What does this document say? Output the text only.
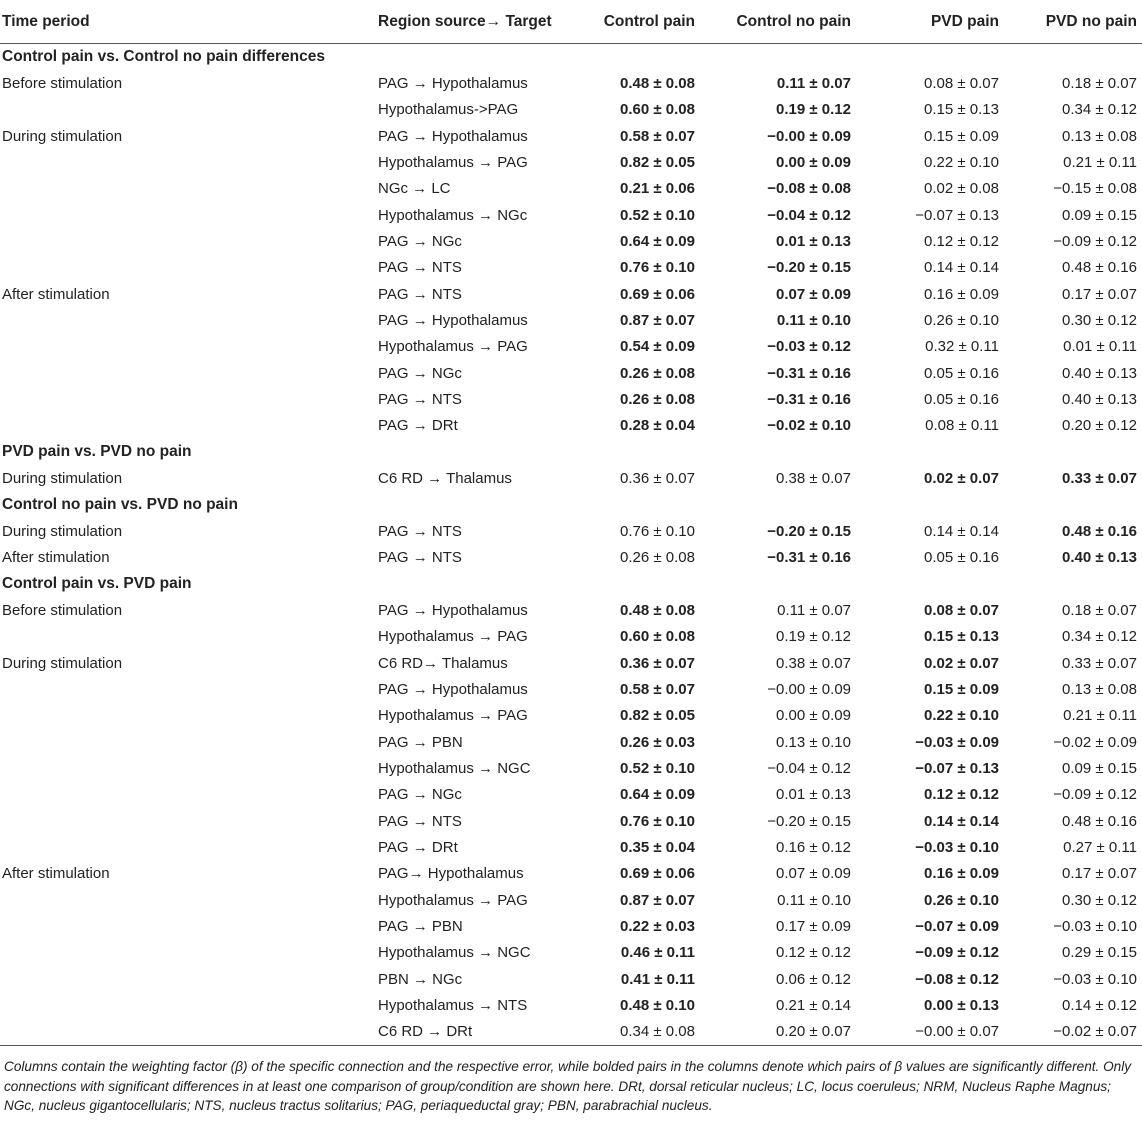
Time period	Region source→ Target	Control pain	Control no pain	PVD pain	PVD no pain
Control pain vs. Control no pain differences					
Before stimulation	PAG → Hypothalamus	0.48 ± 0.08	0.11 ± 0.07	0.08 ± 0.07	0.18 ± 0.07
	Hypothalamus->PAG	0.60 ± 0.08	0.19 ± 0.12	0.15 ± 0.13	0.34 ± 0.12
During stimulation	PAG → Hypothalamus	0.58 ± 0.07	−0.00 ± 0.09	0.15 ± 0.09	0.13 ± 0.08
	Hypothalamus → PAG	0.82 ± 0.05	0.00 ± 0.09	0.22 ± 0.10	0.21 ± 0.11
	NGc → LC	0.21 ± 0.06	−0.08 ± 0.08	0.02 ± 0.08	−0.15 ± 0.08
	Hypothalamus → NGc	0.52 ± 0.10	−0.04 ± 0.12	−0.07 ± 0.13	0.09 ± 0.15
	PAG → NGc	0.64 ± 0.09	0.01 ± 0.13	0.12 ± 0.12	−0.09 ± 0.12
	PAG → NTS	0.76 ± 0.10	−0.20 ± 0.15	0.14 ± 0.14	0.48 ± 0.16
After stimulation	PAG → NTS	0.69 ± 0.06	0.07 ± 0.09	0.16 ± 0.09	0.17 ± 0.07
	PAG → Hypothalamus	0.87 ± 0.07	0.11 ± 0.10	0.26 ± 0.10	0.30 ± 0.12
	Hypothalamus → PAG	0.54 ± 0.09	−0.03 ± 0.12	0.32 ± 0.11	0.01 ± 0.11
	PAG → NGc	0.26 ± 0.08	−0.31 ± 0.16	0.05 ± 0.16	0.40 ± 0.13
	PAG → NTS	0.26 ± 0.08	−0.31 ± 0.16	0.05 ± 0.16	0.40 ± 0.13
	PAG → DRt	0.28 ± 0.04	−0.02 ± 0.10	0.08 ± 0.11	0.20 ± 0.12
PVD pain vs. PVD no pain					
During stimulation	C6 RD → Thalamus	0.36 ± 0.07	0.38 ± 0.07	0.02 ± 0.07	0.33 ± 0.07
Control no pain vs. PVD no pain					
During stimulation	PAG → NTS	0.76 ± 0.10	−0.20 ± 0.15	0.14 ± 0.14	0.48 ± 0.16
After stimulation	PAG → NTS	0.26 ± 0.08	−0.31 ± 0.16	0.05 ± 0.16	0.40 ± 0.13
Control pain vs. PVD pain					
Before stimulation	PAG → Hypothalamus	0.48 ± 0.08	0.11 ± 0.07	0.08 ± 0.07	0.18 ± 0.07
	Hypothalamus → PAG	0.60 ± 0.08	0.19 ± 0.12	0.15 ± 0.13	0.34 ± 0.12
During stimulation	C6 RD→ Thalamus	0.36 ± 0.07	0.38 ± 0.07	0.02 ± 0.07	0.33 ± 0.07
	PAG → Hypothalamus	0.58 ± 0.07	−0.00 ± 0.09	0.15 ± 0.09	0.13 ± 0.08
	Hypothalamus → PAG	0.82 ± 0.05	0.00 ± 0.09	0.22 ± 0.10	0.21 ± 0.11
	PAG → PBN	0.26 ± 0.03	0.13 ± 0.10	−0.03 ± 0.09	−0.02 ± 0.09
	Hypothalamus → NGC	0.52 ± 0.10	−0.04 ± 0.12	−0.07 ± 0.13	0.09 ± 0.15
	PAG → NGc	0.64 ± 0.09	0.01 ± 0.13	0.12 ± 0.12	−0.09 ± 0.12
	PAG → NTS	0.76 ± 0.10	−0.20 ± 0.15	0.14 ± 0.14	0.48 ± 0.16
	PAG → DRt	0.35 ± 0.04	0.16 ± 0.12	−0.03 ± 0.10	0.27 ± 0.11
After stimulation	PAG→ Hypothalamus	0.69 ± 0.06	0.07 ± 0.09	0.16 ± 0.09	0.17 ± 0.07
	Hypothalamus → PAG	0.87 ± 0.07	0.11 ± 0.10	0.26 ± 0.10	0.30 ± 0.12
	PAG → PBN	0.22 ± 0.03	0.17 ± 0.09	−0.07 ± 0.09	−0.03 ± 0.10
	Hypothalamus → NGC	0.46 ± 0.11	0.12 ± 0.12	−0.09 ± 0.12	0.29 ± 0.15
	PBN → NGc	0.41 ± 0.11	0.06 ± 0.12	−0.08 ± 0.12	−0.03 ± 0.10
	Hypothalamus → NTS	0.48 ± 0.10	0.21 ± 0.14	0.00 ± 0.13	0.14 ± 0.12
	C6 RD → DRt	0.34 ± 0.08	0.20 ± 0.07	−0.00 ± 0.07	−0.02 ± 0.07
Columns contain the weighting factor (β) of the specific connection and the respective error, while bolded pairs in the columns denote which pairs of β values are significantly different. Only connections with significant differences in at least one comparison of group/condition are shown here. DRt, dorsal reticular nucleus; LC, locus coeruleus; NRM, Nucleus Raphe Magnus; NGc, nucleus gigantocellularis; NTS, nucleus tractus solitarius; PAG, periaqueductal gray; PBN, parabrachial nucleus.
